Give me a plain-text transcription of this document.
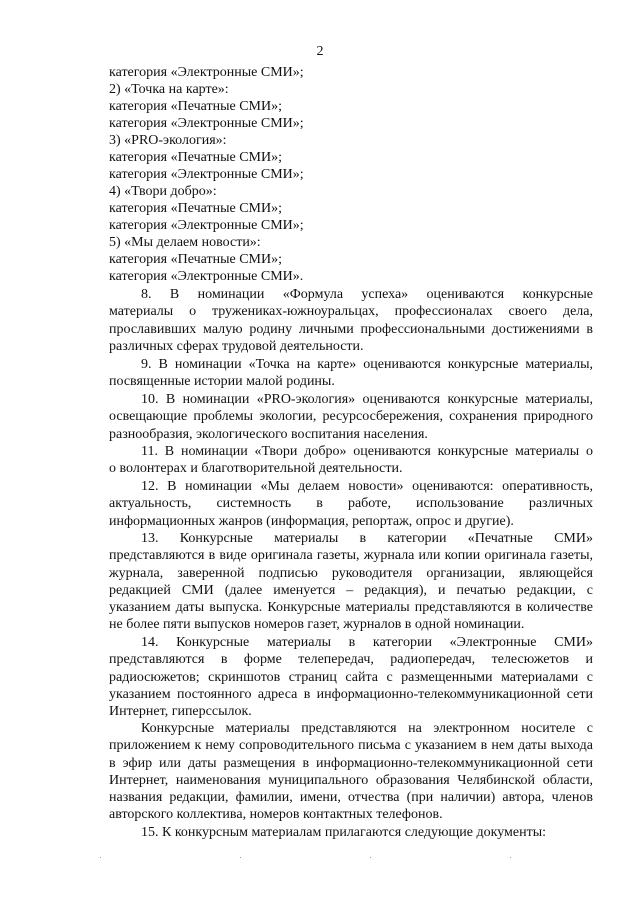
2
категория «Электронные СМИ»;
2) «Точка на карте»:
категория «Печатные СМИ»;
категория «Электронные СМИ»;
3) «PRO-экология»:
категория «Печатные СМИ»;
категория «Электронные СМИ»;
4) «Твори добро»:
категория «Печатные СМИ»;
категория «Электронные СМИ»;
5) «Мы делаем новости»:
категория «Печатные СМИ»;
категория «Электронные СМИ».
8. В номинации «Формула успеха» оцениваются конкурсные
материалы о тружениках-южноуральцах, профессионалах своего дела,
прославивших малую родину личными профессиональными достижениями в
различных сферах трудовой деятельности.
9. В номинации «Точка на карте» оцениваются конкурсные материалы,
посвященные истории малой родины.
10. В номинации «PRO-экология» оцениваются конкурсные материалы,
освещающие проблемы экологии, ресурсосбережения, сохранения природного
разнообразия, экологического воспитания населения.
11. В номинации «Твори добро» оцениваются конкурсные материалы о
о волонтерах и благотворительной деятельности.
12. В номинации «Мы делаем новости» оцениваются: оперативность,
актуальность, системность в работе, использование различных
информационных жанров (информация, репортаж, опрос и другие).
13. Конкурсные материалы в категории «Печатные СМИ»
представляются в виде оригинала газеты, журнала или копии оригинала газеты,
журнала, заверенной подписью руководителя организации, являющейся
редакцией СМИ (далее именуется – редакция), и печатью редакции, с
указанием даты выпуска. Конкурсные материалы представляются в количестве
не более пяти выпусков номеров газет, журналов в одной номинации.
14. Конкурсные материалы в категории «Электронные СМИ»
представляются в форме телепередач, радиопередач, телесюжетов и
радиосюжетов; скриншотов страниц сайта с размещенными материалами с
указанием постоянного адреса в информационно-телекоммуникационной сети
Интернет, гиперссылок.
Конкурсные материалы представляются на электронном носителе с
приложением к нему сопроводительного письма с указанием в нем даты выхода
в эфир или даты размещения в информационно-телекоммуникационной сети
Интернет, наименования муниципального образования Челябинской области,
названия редакции, фамилии, имени, отчества (при наличии) автора, членов
авторского коллектива, номеров контактных телефонов.
15. К конкурсным материалам прилагаются следующие документы:
